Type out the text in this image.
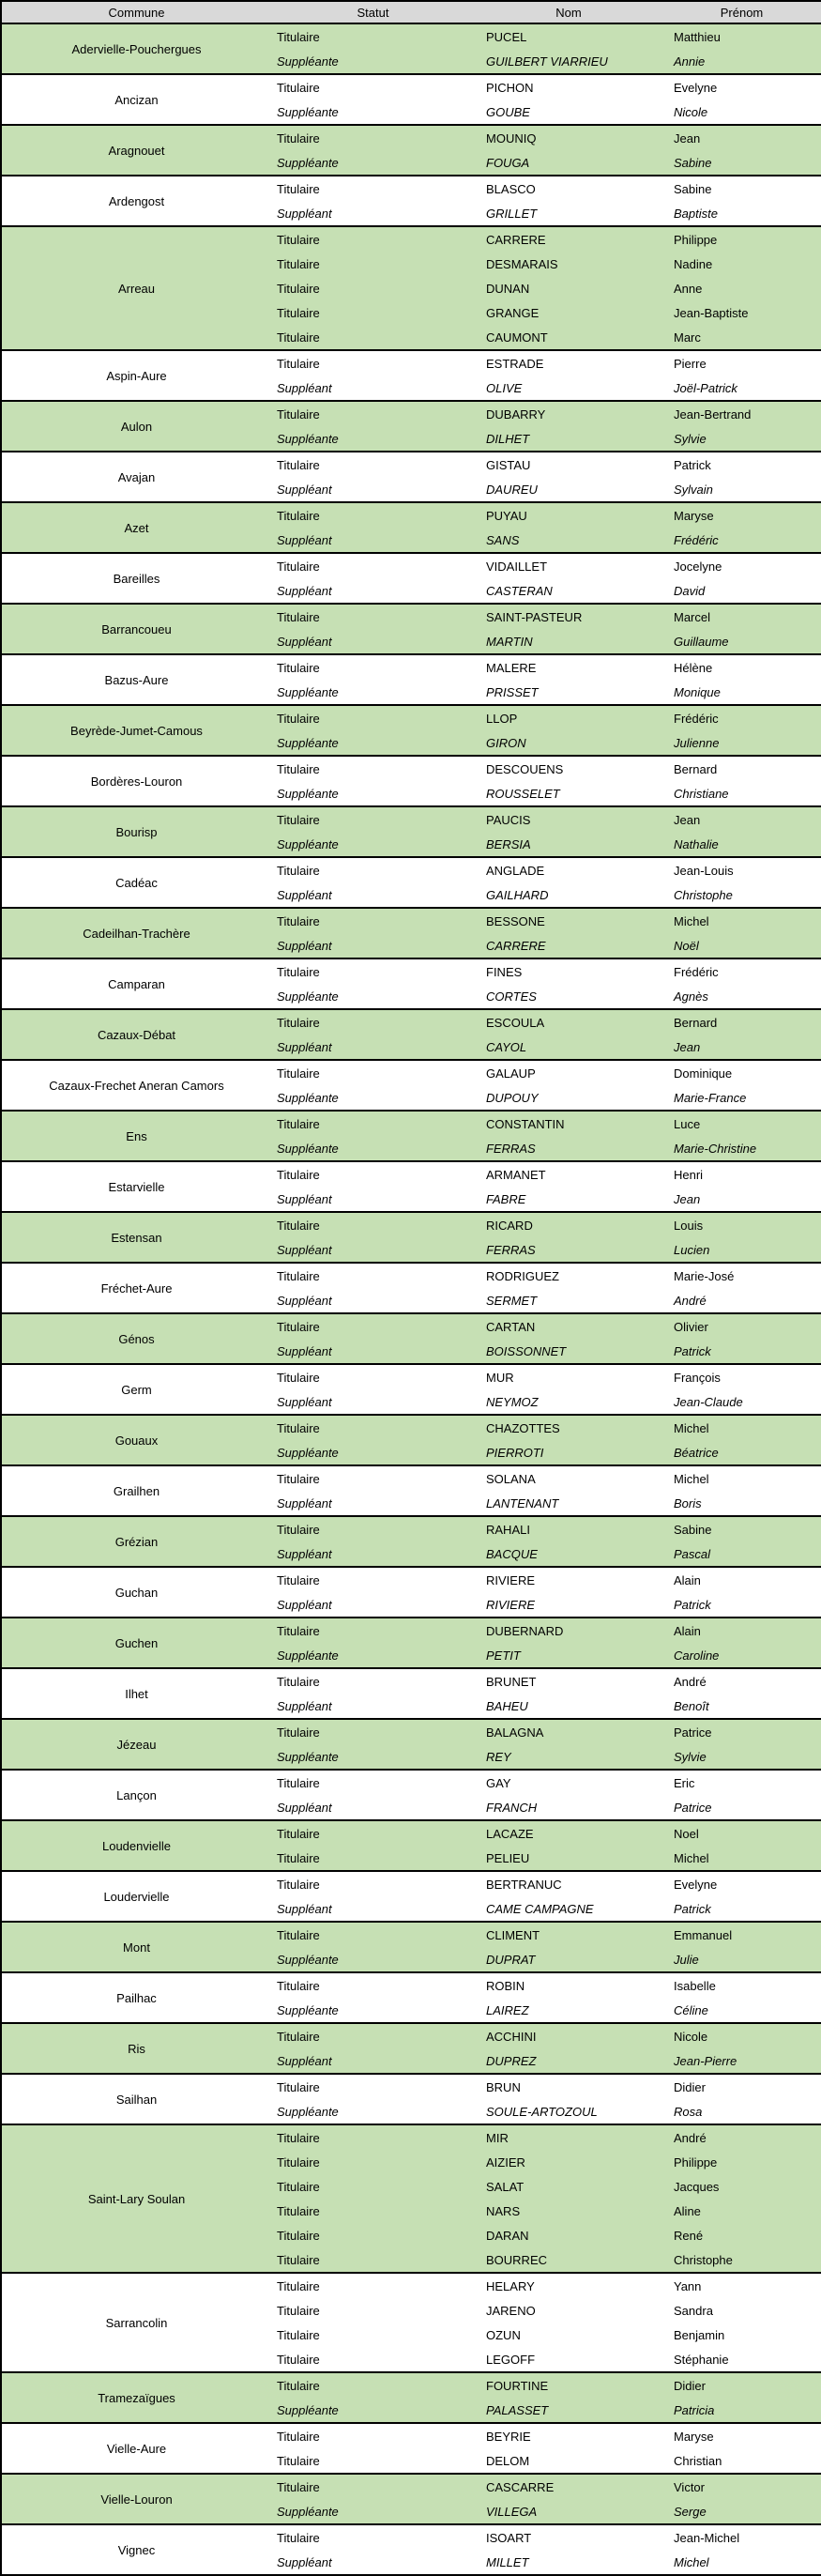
Commune	Statut	Nom	Prénom
Adervielle-Pouchergues	Titulaire	PUCEL	Matthieu
	Suppléante	GUILBERT VIARRIEU	Annie
Ancizan	Titulaire	PICHON	Evelyne
	Suppléante	GOUBE	Nicole
Aragnouet	Titulaire	MOUNIQ	Jean
	Suppléante	FOUGA	Sabine
Ardengost	Titulaire	BLASCO	Sabine
	Suppléant	GRILLET	Baptiste
Arreau	Titulaire	CARRERE	Philippe
	Titulaire	DESMARAIS	Nadine
	Titulaire	DUNAN	Anne
	Titulaire	GRANGE	Jean-Baptiste
	Titulaire	CAUMONT	Marc
Aspin-Aure	Titulaire	ESTRADE	Pierre
	Suppléant	OLIVE	Joël-Patrick
Aulon	Titulaire	DUBARRY	Jean-Bertrand
	Suppléante	DILHET	Sylvie
Avajan	Titulaire	GISTAU	Patrick
	Suppléant	DAUREU	Sylvain
Azet	Titulaire	PUYAU	Maryse
	Suppléant	SANS	Frédéric
Bareilles	Titulaire	VIDAILLET	Jocelyne
	Suppléant	CASTERAN	David
Barrancoueu	Titulaire	SAINT-PASTEUR	Marcel
	Suppléant	MARTIN	Guillaume
Bazus-Aure	Titulaire	MALERE	Hélène
	Suppléante	PRISSET	Monique
Beyrède-Jumet-Camous	Titulaire	LLOP	Frédéric
	Suppléante	GIRON	Julienne
Bordères-Louron	Titulaire	DESCOUENS	Bernard
	Suppléante	ROUSSELET	Christiane
Bourisp	Titulaire	PAUCIS	Jean
	Suppléante	BERSIA	Nathalie
Cadéac	Titulaire	ANGLADE	Jean-Louis
	Suppléant	GAILHARD	Christophe
Cadeilhan-Trachère	Titulaire	BESSONE	Michel
	Suppléant	CARRERE	Noël
Camparan	Titulaire	FINES	Frédéric
	Suppléante	CORTES	Agnès
Cazaux-Débat	Titulaire	ESCOULA	Bernard
	Suppléant	CAYOL	Jean
Cazaux-Frechet Aneran Camors	Titulaire	GALAUP	Dominique
	Suppléante	DUPOUY	Marie-France
Ens	Titulaire	CONSTANTIN	Luce
	Suppléante	FERRAS	Marie-Christine
Estarvielle	Titulaire	ARMANET	Henri
	Suppléant	FABRE	Jean
Estensan	Titulaire	RICARD	Louis
	Suppléant	FERRAS	Lucien
Fréchet-Aure	Titulaire	RODRIGUEZ	Marie-José
	Suppléant	SERMET	André
Génos	Titulaire	CARTAN	Olivier
	Suppléant	BOISSONNET	Patrick
Germ	Titulaire	MUR	François
	Suppléant	NEYMOZ	Jean-Claude
Gouaux	Titulaire	CHAZOTTES	Michel
	Suppléante	PIERROTI	Béatrice
Grailhen	Titulaire	SOLANA	Michel
	Suppléant	LANTENANT	Boris
Grézian	Titulaire	RAHALI	Sabine
	Suppléant	BACQUE	Pascal
Guchan	Titulaire	RIVIERE	Alain
	Suppléant	RIVIERE	Patrick
Guchen	Titulaire	DUBERNARD	Alain
	Suppléante	PETIT	Caroline
Ilhet	Titulaire	BRUNET	André
	Suppléant	BAHEU	Benoît
Jézeau	Titulaire	BALAGNA	Patrice
	Suppléante	REY	Sylvie
Lançon	Titulaire	GAY	Eric
	Suppléant	FRANCH	Patrice
Loudenvielle	Titulaire	LACAZE	Noel
	Titulaire	PELIEU	Michel
Loudervielle	Titulaire	BERTRANUC	Evelyne
	Suppléant	CAME CAMPAGNE	Patrick
Mont	Titulaire	CLIMENT	Emmanuel
	Suppléante	DUPRAT	Julie
Pailhac	Titulaire	ROBIN	Isabelle
	Suppléante	LAIREZ	Céline
Ris	Titulaire	ACCHINI	Nicole
	Suppléant	DUPREZ	Jean-Pierre
Sailhan	Titulaire	BRUN	Didier
	Suppléante	SOULE-ARTOZOUL	Rosa
Saint-Lary Soulan	Titulaire	MIR	André
	Titulaire	AIZIER	Philippe
	Titulaire	SALAT	Jacques
	Titulaire	NARS	Aline
	Titulaire	DARAN	René
	Titulaire	BOURREC	Christophe
Sarrancolin	Titulaire	HELARY	Yann
	Titulaire	JARENO	Sandra
	Titulaire	OZUN	Benjamin
	Titulaire	LEGOFF	Stéphanie
Tramezaïgues	Titulaire	FOURTINE	Didier
	Suppléante	PALASSET	Patricia
Vielle-Aure	Titulaire	BEYRIE	Maryse
	Titulaire	DELOM	Christian
Vielle-Louron	Titulaire	CASCARRE	Victor
	Suppléante	VILLEGA	Serge
Vignec	Titulaire	ISOART	Jean-Michel
	Suppléant	MILLET	Michel
